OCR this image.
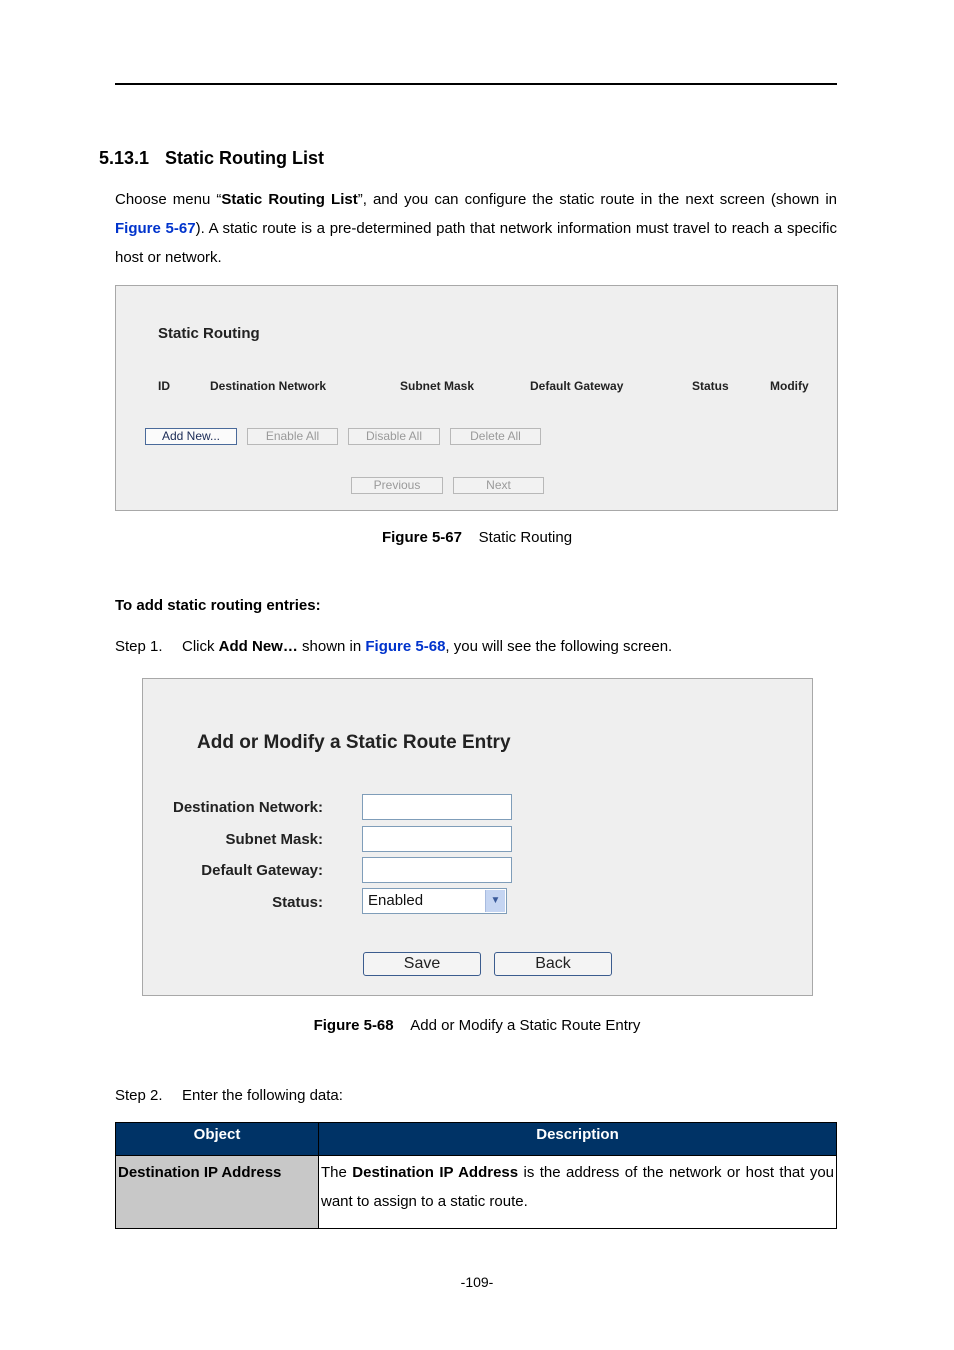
5.13.1 Static Routing List
Choose menu “Static Routing List”, and you can configure the static route in the next screen (shown in Figure 5-67). A static route is a pre-determined path that network information must travel to reach a specific host or network.
Static Routing
ID	Destination Network	Subnet Mask	Default Gateway	Status	Modify
Add New...	Enable All	Disable All	Delete All
Previous	Next
Figure 5-67 Static Routing
To add static routing entries:
Step 1. Click Add New… shown in Figure 5-68, you will see the following screen.
Add or Modify a Static Route Entry
Destination Network:
Subnet Mask:
Default Gateway:
Status:	Enabled	▼
Save	Back
Figure 5-68 Add or Modify a Static Route Entry
Step 2. Enter the following data:
Object	Description
Destination IP Address	The Destination IP Address is the address of the network or host that you want to assign to a static route.
-109-
